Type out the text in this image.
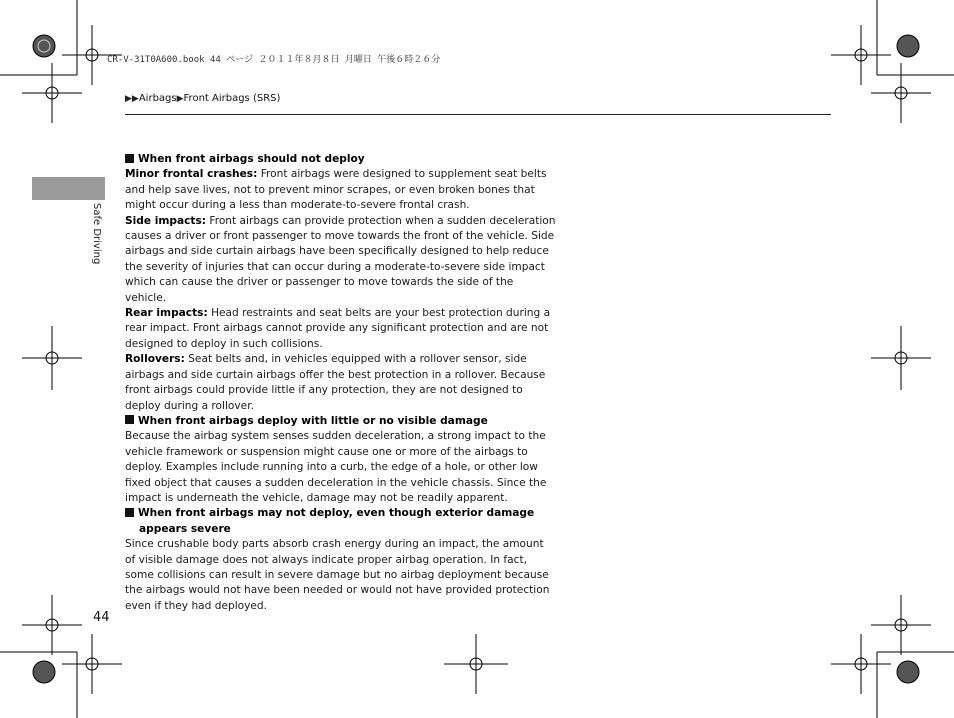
CR-V-31T0A600.book 44 ページ ２０１１年８月８日 月曜日 午後６時２６分
▶▶Airbags▶Front Airbags (SRS)
Safe Driving

When front airbags should not deploy

Minor frontal crashes: Front airbags were designed to supplement seat belts and help save lives, not to prevent minor scrapes, or even broken bones that might occur during a less than moderate-to-severe frontal crash.

Side impacts: Front airbags can provide protection when a sudden deceleration causes a driver or front passenger to move towards the front of the vehicle. Side airbags and side curtain airbags have been specifically designed to help reduce the severity of injuries that can occur during a moderate-to-severe side impact which can cause the driver or passenger to move towards the side of the vehicle.

Rear impacts: Head restraints and seat belts are your best protection during a rear impact. Front airbags cannot provide any significant protection and are not designed to deploy in such collisions.

Rollovers: Seat belts and, in vehicles equipped with a rollover sensor, side airbags and side curtain airbags offer the best protection in a rollover. Because front airbags could provide little if any protection, they are not designed to deploy during a rollover.

When front airbags deploy with little or no visible damage

Because the airbag system senses sudden deceleration, a strong impact to the vehicle framework or suspension might cause one or more of the airbags to deploy. Examples include running into a curb, the edge of a hole, or other low fixed object that causes a sudden deceleration in the vehicle chassis. Since the impact is underneath the vehicle, damage may not be readily apparent.

When front airbags may not deploy, even though exterior damage appears severe

Since crushable body parts absorb crash energy during an impact, the amount of visible damage does not always indicate proper airbag operation. In fact, some collisions can result in severe damage but no airbag deployment because the airbags would not have been needed or would not have provided protection even if they had deployed.

44
